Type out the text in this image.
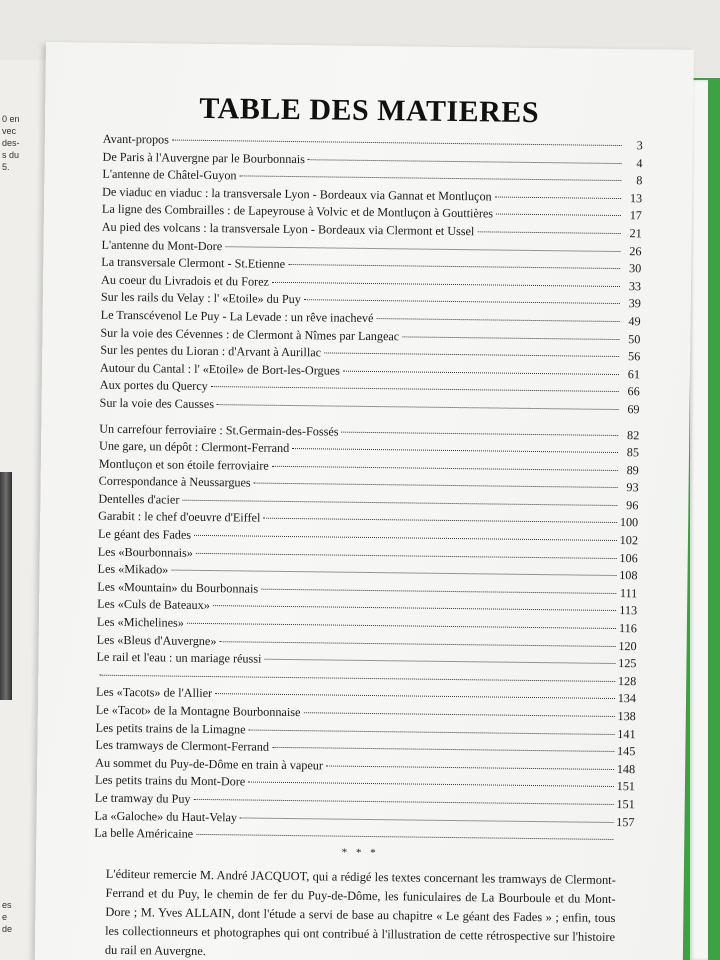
0 en
vec
des-
s du
5.
es
e
de
TABLE DES MATIERES
Avant-propos	3
De Paris à l'Auvergne par le Bourbonnais	4
L'antenne de Châtel-Guyon	8
De viaduc en viaduc : la transversale Lyon - Bordeaux via Gannat et Montluçon	13
La ligne des Combrailles : de Lapeyrouse à Volvic et de Montluçon à Gouttières	17
Au pied des volcans : la transversale Lyon - Bordeaux via Clermont et Ussel	21
L'antenne du Mont-Dore	26
La transversale Clermont - St.Etienne	30
Au coeur du Livradois et du Forez	33
Sur les rails du Velay : l' «Etoile» du Puy	39
Le Transcévenol Le Puy - La Levade : un rêve inachevé	49
Sur la voie des Cévennes : de Clermont à Nîmes par Langeac	50
Sur les pentes du Lioran : d'Arvant à Aurillac	56
Autour du Cantal : l' «Etoile» de Bort-les-Orgues	61
Aux portes du Quercy	66
Sur la voie des Causses	69
Un carrefour ferroviaire : St.Germain-des-Fossés	82
Une gare, un dépôt : Clermont-Ferrand	85
Montluçon et son étoile ferroviaire	89
Correspondance à Neussargues	93
Dentelles d'acier	96
Garabit : le chef d'oeuvre d'Eiffel	100
Le géant des Fades	102
Les «Bourbonnais»	106
Les «Mikado»	108
Les «Mountain» du Bourbonnais	111
Les «Culs de Bateaux»	113
Les «Michelines»	116
Les «Bleus d'Auvergne»	120
Le rail et l'eau : un mariage réussi	125
128
Les «Tacots» de l'Allier	134
Le «Tacot» de la Montagne Bourbonnaise	138
Les petits trains de la Limagne	141
Les tramways de Clermont-Ferrand	145
Au sommet du Puy-de-Dôme en train à vapeur	148
Les petits trains du Mont-Dore	151
Le tramway du Puy	151
La «Galoche» du Haut-Velay	157
La belle Américaine
* * *
L'éditeur remercie M. André JACQUOT, qui a rédigé les textes concernant les tramways de Clermont-Ferrand et du Puy, le chemin de fer du Puy-de-Dôme, les funiculaires de La Bourboule et du Mont-Dore ; M. Yves ALLAIN, dont l'étude a servi de base au chapitre « Le géant des Fades » ; enfin, tous les collectionneurs et photographes qui ont contribué à l'illustration de cette rétrospective sur l'histoire du rail en Auvergne.
